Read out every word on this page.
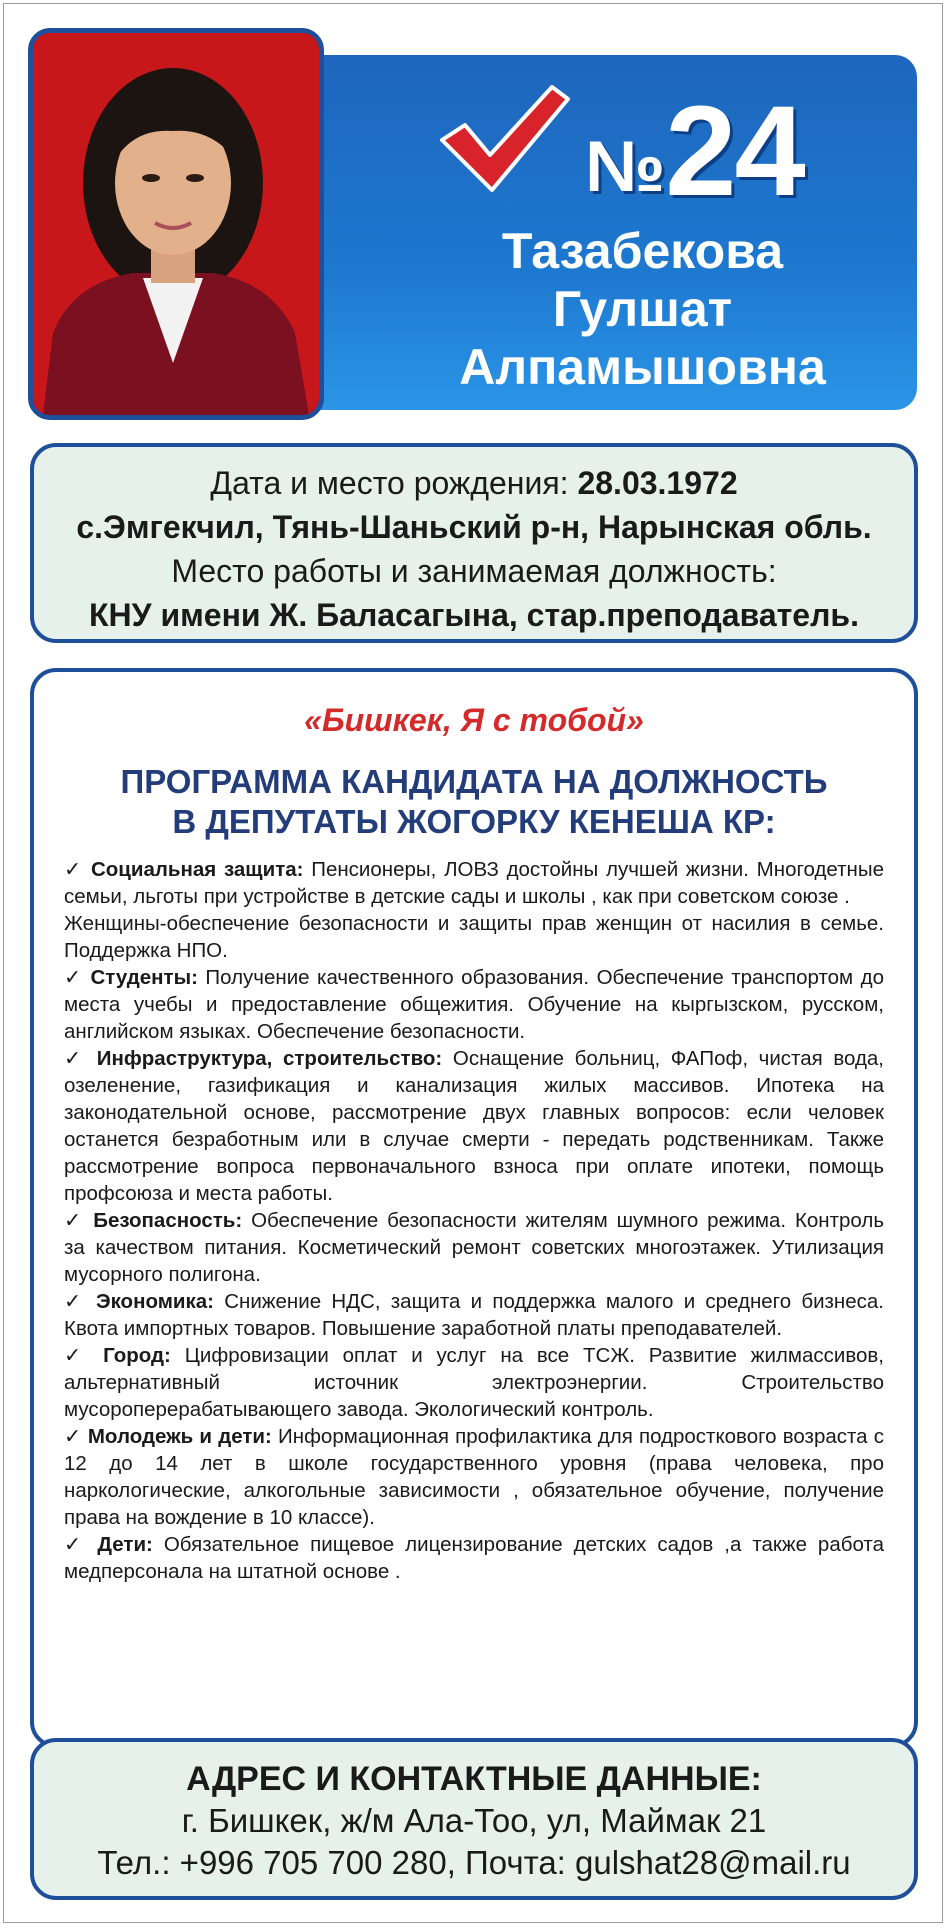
№24
Тазабекова
Гулшат
Алпамышовна
Дата и место рождения: 28.03.1972
с.Эмгекчил, Тянь-Шаньский р-н, Нарынская обль.
Место работы и занимаемая должность:
КНУ имени Ж. Баласагына, стар.преподаватель.
«Бишкек, Я с тобой»
ПРОГРАММА КАНДИДАТА НА ДОЛЖНОСТЬ
В ДЕПУТАТЫ ЖОГОРКУ КЕНЕША КР:

✓ Социальная защита: Пенсионеры, ЛОВЗ достойны лучшей жизни. Многодетные семьи, льготы при устройстве в детские сады и школы , как при советском союзе .

Женщины-обеспечение безопасности и защиты прав женщин от насилия в семье. Поддержка НПО.

✓ Студенты: Получение качественного образования. Обеспечение транспортом до места учебы и предоставление общежития. Обучение на кыргызском, русском, английском языках. Обеспечение безопасности.

✓ Инфраструктура, строительство: Оснащение больниц, ФАПоф, чистая вода, озеленение, газификация и канализация жилых массивов. Ипотека на законодательной основе, рассмотрение двух главных вопросов: если человек останется безработным или в случае смерти - передать родственникам. Также рассмотрение вопроса первоначального взноса при оплате ипотеки, помощь профсоюза и места работы.

✓ Безопасность: Обеспечение безопасности жителям шумного режима. Контроль за качеством питания. Косметический ремонт советских многоэтажек. Утилизация мусорного полигона.

✓ Экономика: Снижение НДС, защита и поддержка малого и среднего бизнеса. Квота импортных товаров. Повышение заработной платы преподавателей.

✓ Город: Цифровизации оплат и услуг на все ТСЖ. Развитие жилмассивов, альтернативный источник электроэнергии. Строительство мусороперерабатывающего завода. Экологический контроль.

✓ Молодежь и дети: Информационная профилактика для подросткового возраста с 12 до 14 лет в школе государственного уровня (права человека, про наркологические, алкогольные зависимости , обязательное обучение, получение права на вождение в 10 классе).

✓ Дети: Обязательное пищевое лицензирование детских садов ,а также работа медперсонала на штатной основе .

АДРЕС И КОНТАКТНЫЕ ДАННЫЕ:
г. Бишкек, ж/м Ала-Тоо, ул, Маймак 21
Тел.: +996 705 700 280, Почта: gulshat28@mail.ru
